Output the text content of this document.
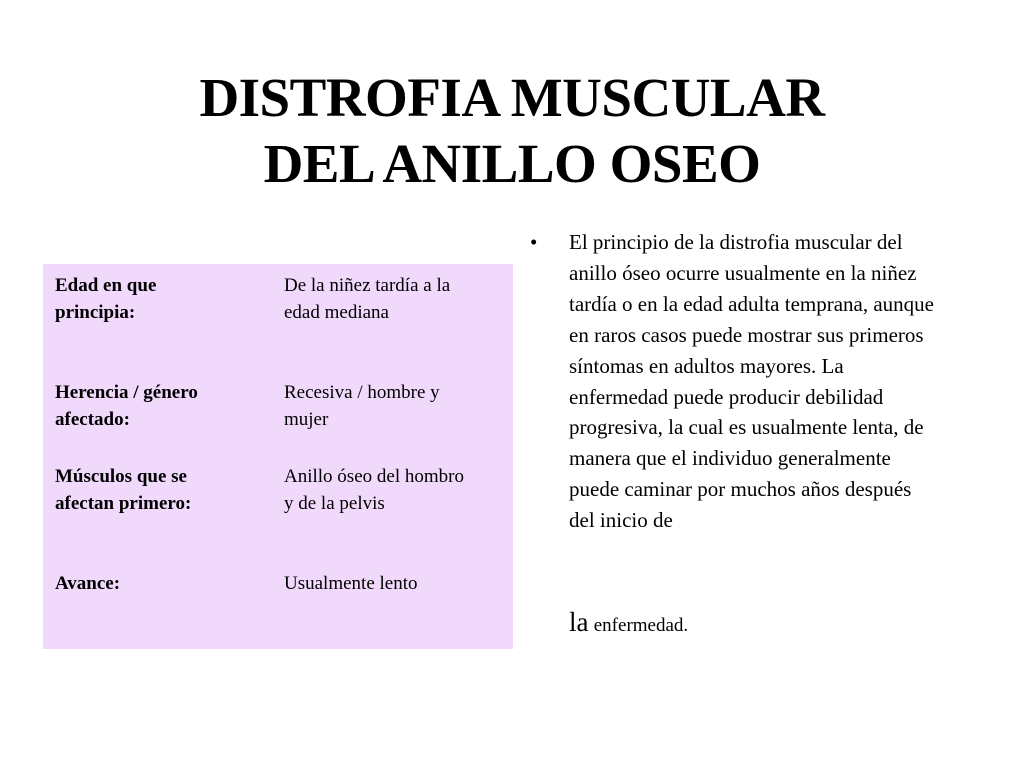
DISTROFIA MUSCULAR
DEL ANILLO OSEO
Edad en que
principia:
De la niñez tardía a la
edad mediana
Herencia / género
afectado:
Recesiva / hombre y
mujer
Músculos que se
afectan primero:
Anillo óseo del hombro
y de la pelvis
Avance:	Usualmente lento
• El principio de la distrofia muscular del anillo óseo ocurre usualmente en la niñez tardía o en la edad adulta temprana, aunque en raros casos puede mostrar sus primeros síntomas en adultos mayores. La enfermedad puede producir debilidad progresiva, la cual es usualmente lenta, de manera que el individuo generalmente puede caminar por muchos años después del inicio de
la enfermedad.
